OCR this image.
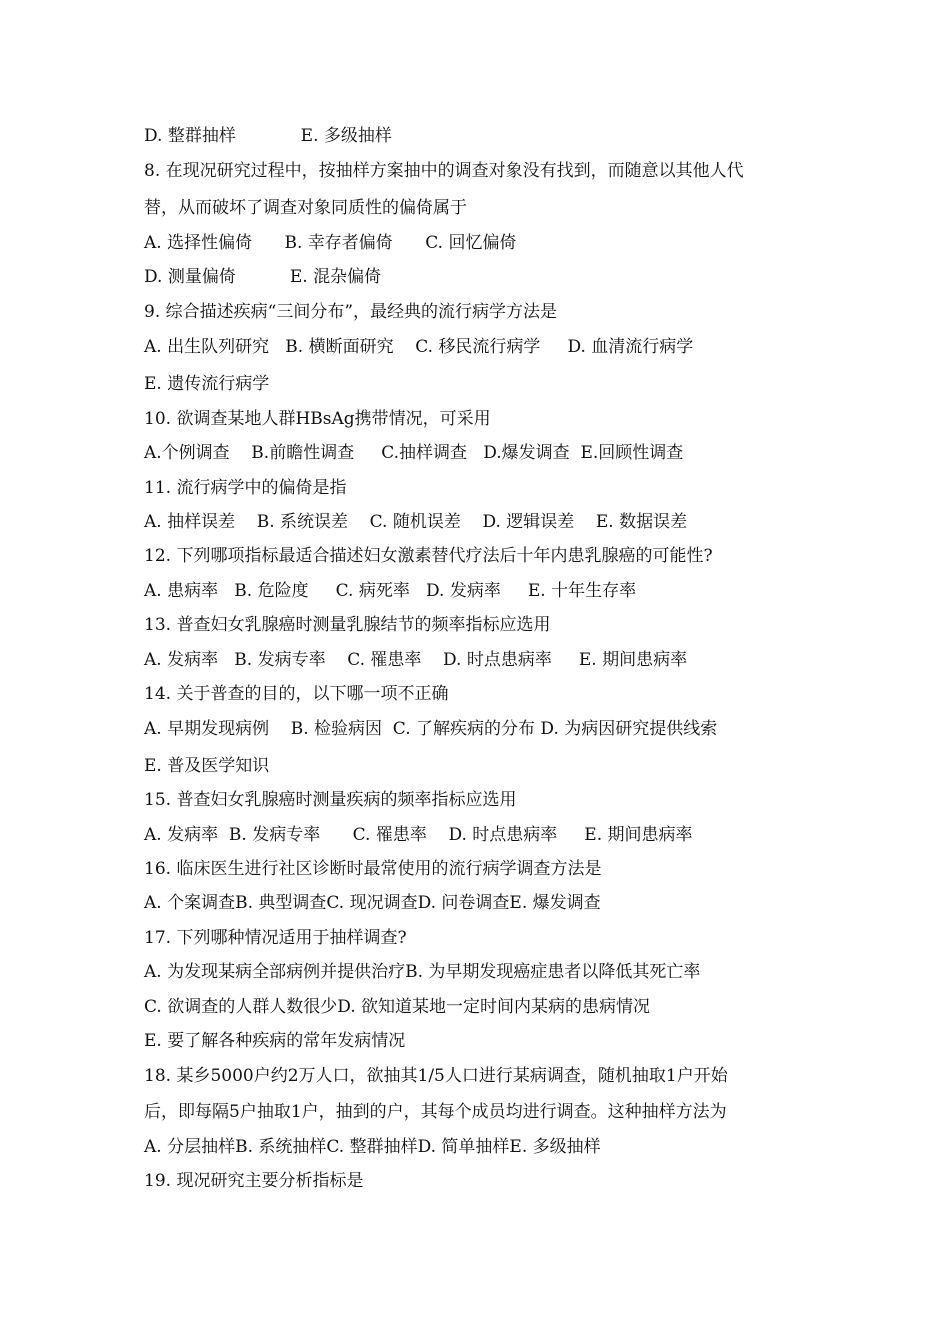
D. 整群抽样            E. 多级抽样
8. 在现况研究过程中，按抽样方案抽中的调查对象没有找到，而随意以其他人代
替，从而破坏了调查对象同质性的偏倚属于
A. 选择性偏倚      B. 幸存者偏倚      C. 回忆偏倚
D. 测量偏倚          E. 混杂偏倚
9. 综合描述疾病“三间分布”，最经典的流行病学方法是
A. 出生队列研究   B. 横断面研究    C. 移民流行病学     D. 血清流行病学
E. 遗传流行病学
10. 欲调查某地人群HBsAg携带情况，可采用
A.个例调查    B.前瞻性调查     C.抽样调查   D.爆发调查  E.回顾性调查
11. 流行病学中的偏倚是指
A. 抽样误差    B. 系统误差    C. 随机误差    D. 逻辑误差    E. 数据误差
12. 下列哪项指标最适合描述妇女激素替代疗法后十年内患乳腺癌的可能性?
A. 患病率   B. 危险度     C. 病死率   D. 发病率     E. 十年生存率
13. 普查妇女乳腺癌时测量乳腺结节的频率指标应选用
A. 发病率   B. 发病专率    C. 罹患率    D. 时点患病率     E. 期间患病率
14. 关于普查的目的，以下哪一项不正确
A. 早期发现病例    B. 检验病因  C. 了解疾病的分布 D. 为病因研究提供线索
E. 普及医学知识
15. 普查妇女乳腺癌时测量疾病的频率指标应选用
A. 发病率  B. 发病专率      C. 罹患率    D. 时点患病率     E. 期间患病率
16. 临床医生进行社区诊断时最常使用的流行病学调查方法是
A. 个案调查B. 典型调查C. 现况调查D. 问卷调查E. 爆发调查
17. 下列哪种情况适用于抽样调查?
A. 为发现某病全部病例并提供治疗B. 为早期发现癌症患者以降低其死亡率
C. 欲调查的人群人数很少D. 欲知道某地一定时间内某病的患病情况
E. 要了解各种疾病的常年发病情况
18. 某乡5000户约2万人口，欲抽其1/5人口进行某病调查，随机抽取1户开始
后，即每隔5户抽取1户，抽到的户，其每个成员均进行调查。这种抽样方法为
A. 分层抽样B. 系统抽样C. 整群抽样D. 简单抽样E. 多级抽样
19. 现况研究主要分析指标是
